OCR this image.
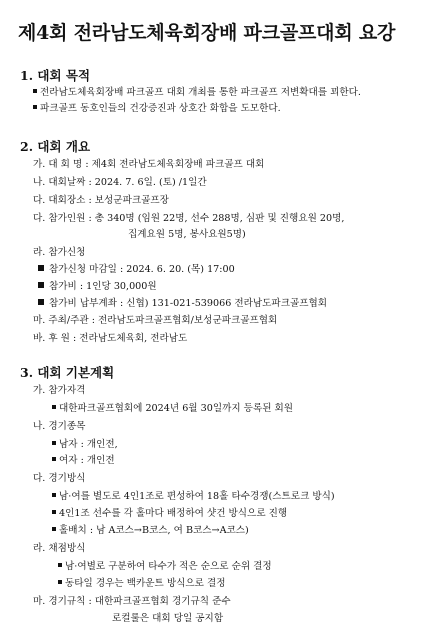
제4회 전라남도체육회장배 파크골프대회 요강
1. 대회 목적
전라남도체육회장배 파크골프 대회 개최를 통한 파크골프 저변확대를 꾀한다.
파크골프 동호인들의 건강증진과 상호간 화합을 도모한다.
2. 대회 개요
가. 대 회 명 : 제4회 전라남도체육회장배 파크골프 대회
나. 대회날짜 : 2024. 7. 6일. (토) /1일간
다. 대회장소 : 보성군파크골프장
다. 참가인원 : 총 340명 (임원 22명, 선수 288명, 심판 및 진행요원 20명,
집계요원 5명, 봉사요원5명)
라. 참가신청
참가신청 마감일 : 2024. 6. 20. (목) 17:00
참가비 : 1인당 30,000원
참가비 납부계좌 : 신협) 131-021-539066 전라남도파크골프협회
마. 주최/주관 : 전라남도파크골프협회/보성군파크골프협회
바. 후 원 : 전라남도체육회, 전라남도
3. 대회 기본계획
가. 참가자격
대한파크골프협회에 2024년 6월 30일까지 등록된 회원
나. 경기종목
남자 : 개인전,
여자 : 개인전
다. 경기방식
남·여를 별도로 4인1조로 편성하여 18홀 타수경쟁(스트로크 방식)
4인1조 선수를 각 홀마다 배정하여 샷건 방식으로 진행
홀배치 : 남 A코스→B코스, 여 B코스→A코스)
라. 채점방식
남·여별로 구분하여 타수가 적은 순으로 순위 결정
동타일 경우는 백카운트 방식으로 결정
마. 경기규칙 : 대한파크골프협회 경기규칙 준수
로컬룰은 대회 당일 공지함
